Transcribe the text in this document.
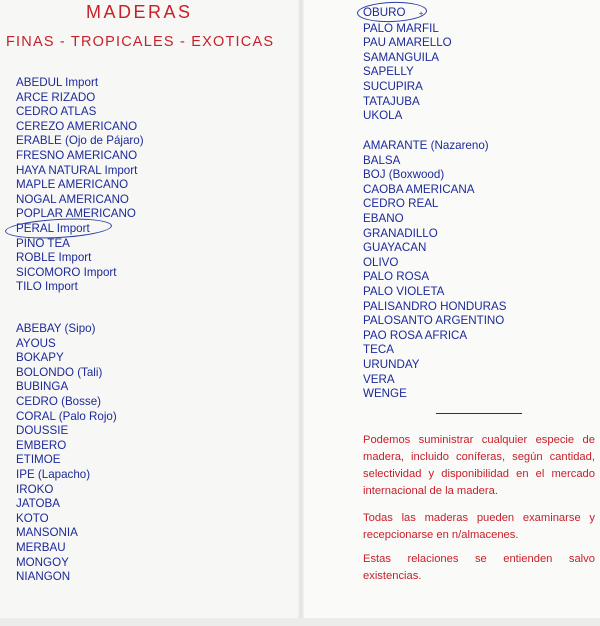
MADERAS
FINAS - TROPICALES - EXOTICAS
ABEDUL Import
ARCE RIZADO
CEDRO ATLAS
CEREZO AMERICANO
ERABLE (Ojo de Pájaro)
FRESNO AMERICANO
HAYA NATURAL Import
MAPLE AMERICANO
NOGAL AMERICANO
POPLAR AMERICANO
PERAL Import
PINO TEA
ROBLE Import
SICOMORO Import
TILO Import
ABEBAY (Sipo)
AYOUS
BOKAPY
BOLONDO (Tali)
BUBINGA
CEDRO (Bosse)
CORAL (Palo Rojo)
DOUSSIE
EMBERO
ETIMOE
IPE (Lapacho)
IROKO
JATOBA
KOTO
MANSONIA
MERBAU
MONGOY
NIANGON
OBURO +
PALO MARFIL
PAU AMARELLO
SAMANGUILA
SAPELLY
SUCUPIRA
TATAJUBA
UKOLA
AMARANTE (Nazareno)
BALSA
BOJ (Boxwood)
CAOBA AMERICANA
CEDRO REAL
EBANO
GRANADILLO
GUAYACAN
OLIVO
PALO ROSA
PALO VIOLETA
PALISANDRO HONDURAS
PALOSANTO ARGENTINO
PAO ROSA AFRICA
TECA
URUNDAY
VERA
WENGE

Podemos suministrar cualquier especie de madera, incluido coníferas, según cantidad, selectividad y disponibilidad en el mercado internacional de la madera.

Todas las maderas pueden examinarse y recepcionarse en n/almacenes.

Estas relaciones se entienden salvo existencias.
